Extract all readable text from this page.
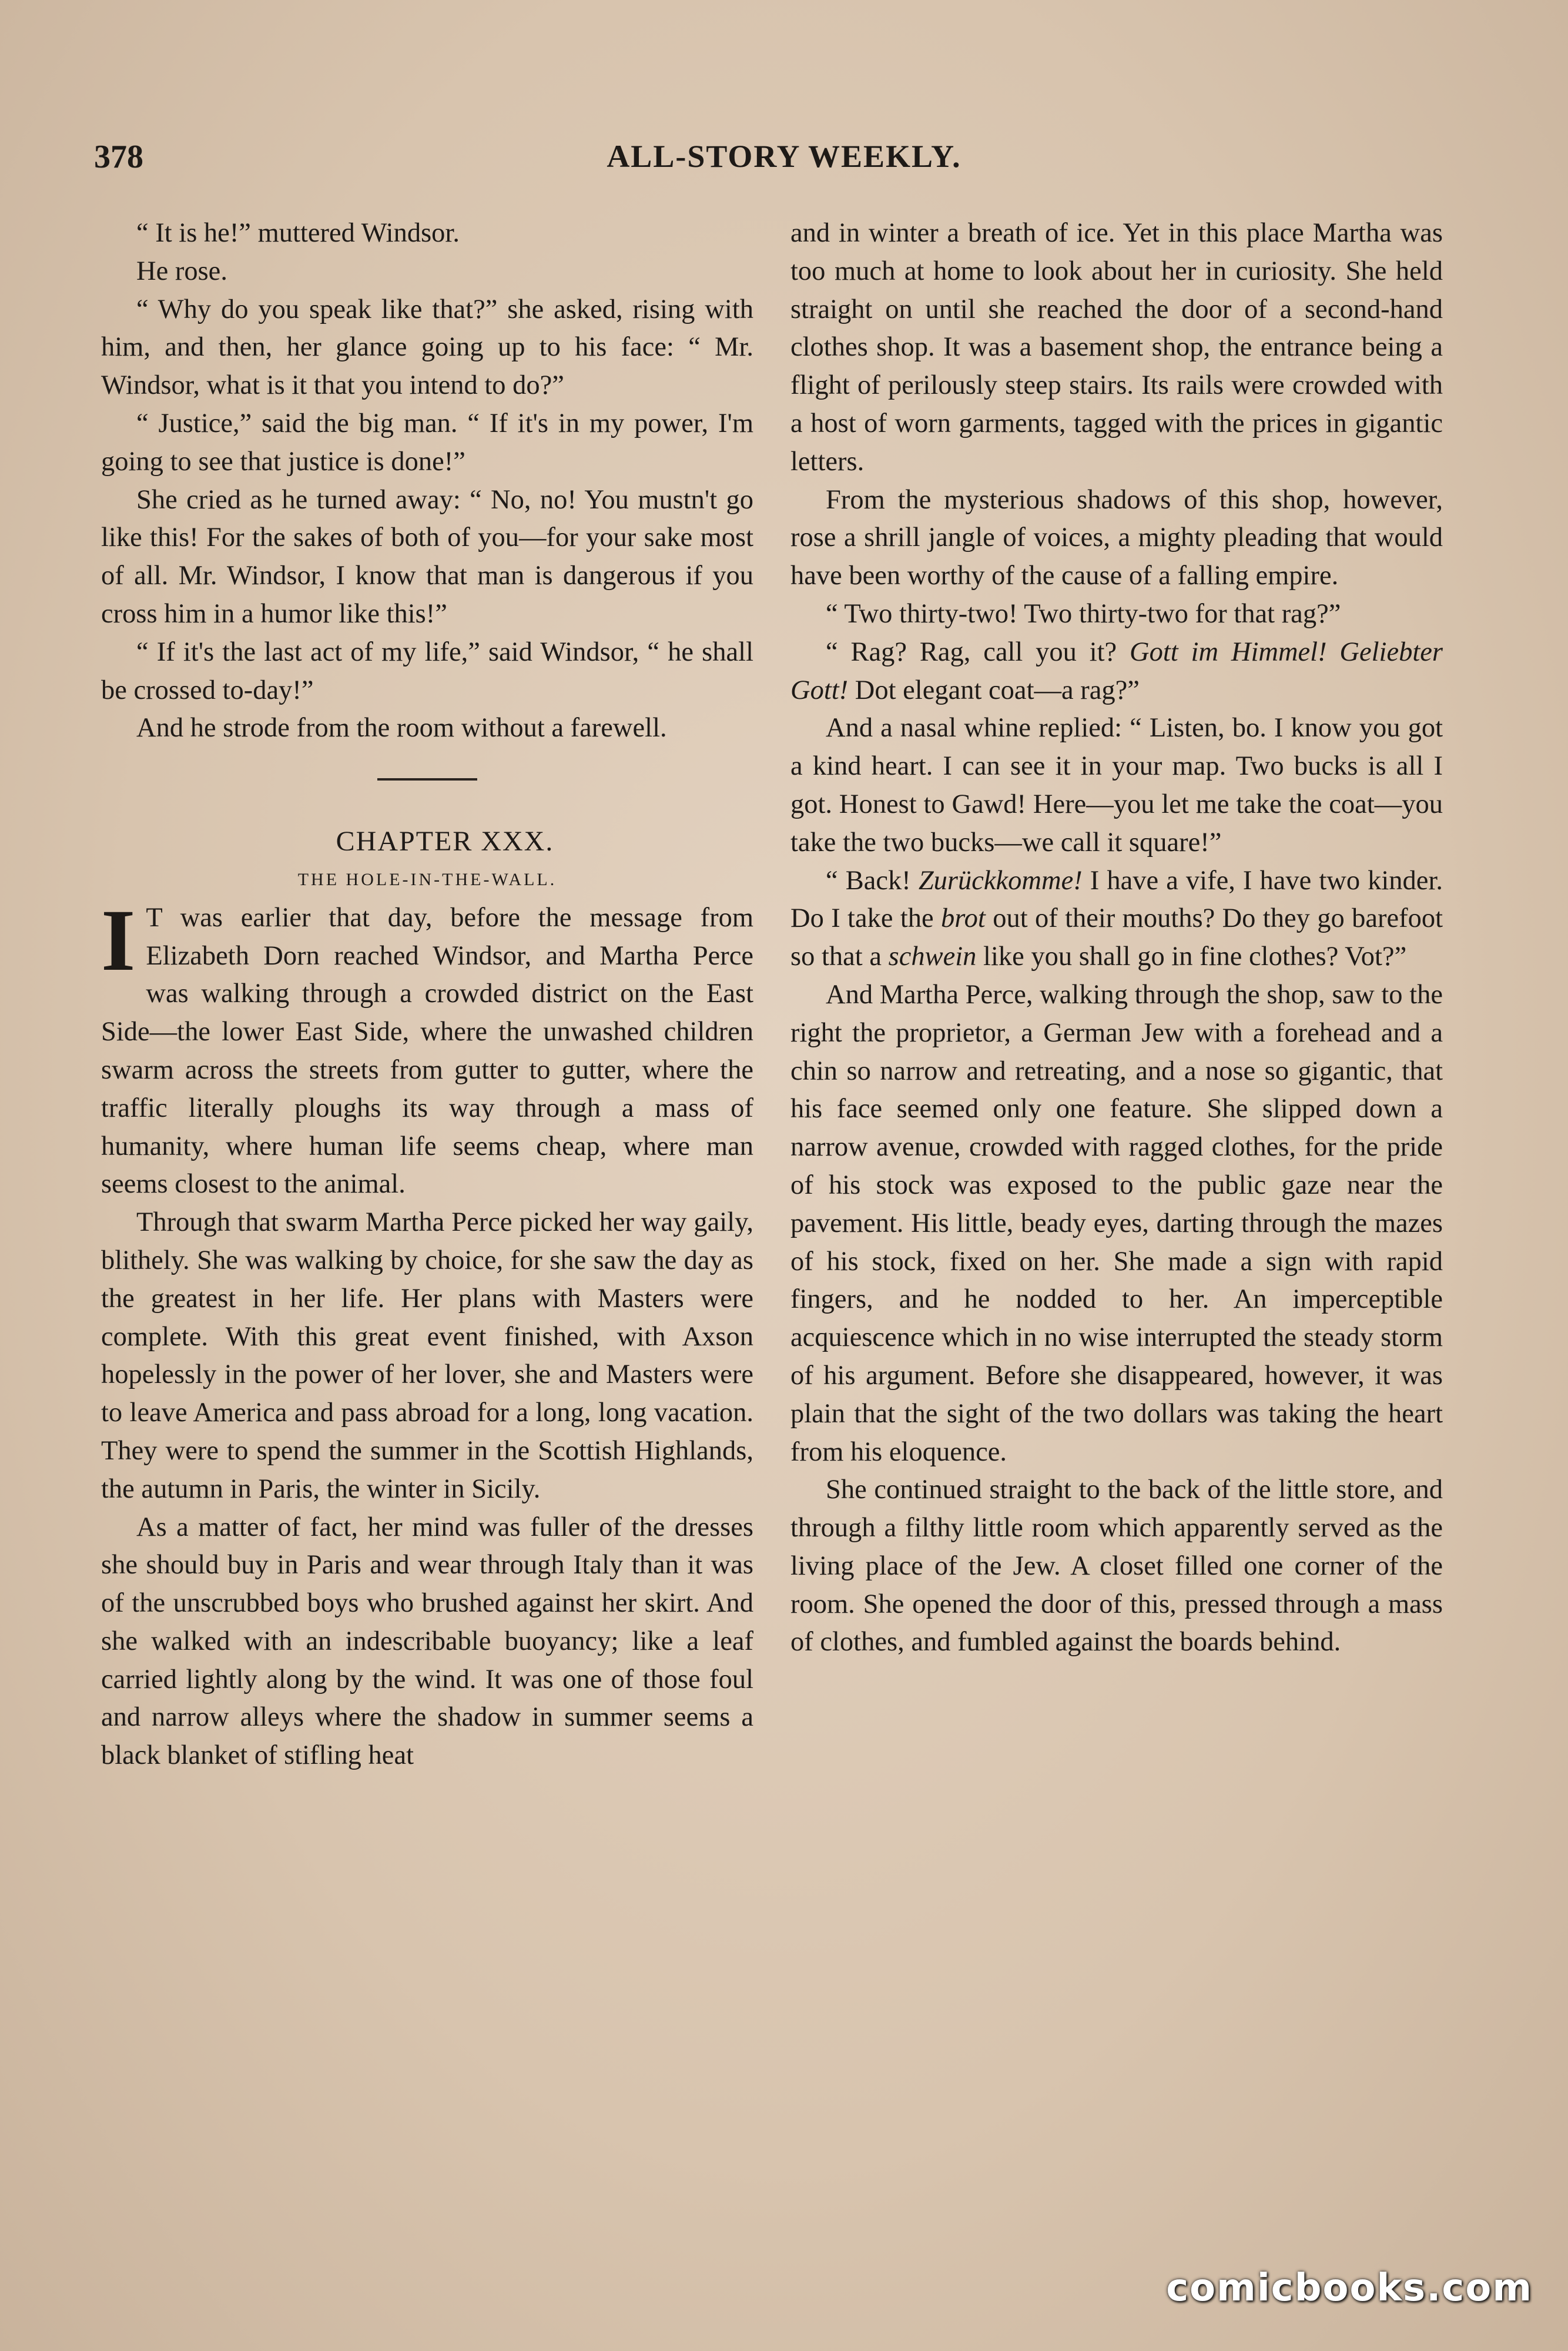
378	ALL-STORY WEEKLY.

“ It is he!” muttered Windsor.

He rose.

“ Why do you speak like that?” she asked, rising with him, and then, her glance going up to his face: “ Mr. Windsor, what is it that you intend to do?”

“ Justice,” said the big man. “ If it's in my power, I'm going to see that justice is done!”

She cried as he turned away: “ No, no! You mustn't go like this! For the sakes of both of you—for your sake most of all. Mr. Windsor, I know that man is dangerous if you cross him in a humor like this!”

“ If it's the last act of my life,” said Windsor, “ he shall be crossed to-day!”

And he strode from the room without a farewell.

CHAPTER XXX.

THE HOLE-IN-THE-WALL.

I T was earlier that day, before the message from Elizabeth Dorn reached Windsor, and Martha Perce was walking through a crowded district on the East Side—the lower East Side, where the unwashed children swarm across the streets from gutter to gutter, where the traffic literally ploughs its way through a mass of humanity, where human life seems cheap, where man seems closest to the animal.

Through that swarm Martha Perce picked her way gaily, blithely. She was walking by choice, for she saw the day as the greatest in her life. Her plans with Masters were complete. With this great event finished, with Axson hopelessly in the power of her lover, she and Masters were to leave America and pass abroad for a long, long vacation. They were to spend the summer in the Scottish Highlands, the autumn in Paris, the winter in Sicily.

As a matter of fact, her mind was fuller of the dresses she should buy in Paris and wear through Italy than it was of the unscrubbed boys who brushed against her skirt. And she walked with an indescribable buoyancy; like a leaf carried lightly along by the wind. It was one of those foul and narrow alleys where the shadow in summer seems a black blanket of stifling heat

and in winter a breath of ice. Yet in this place Martha was too much at home to look about her in curiosity. She held straight on until she reached the door of a second-hand clothes shop. It was a basement shop, the entrance being a flight of perilously steep stairs. Its rails were crowded with a host of worn garments, tagged with the prices in gigantic letters.

From the mysterious shadows of this shop, however, rose a shrill jangle of voices, a mighty pleading that would have been worthy of the cause of a falling empire.

“ Two thirty-two! Two thirty-two for that rag?”

“ Rag? Rag, call you it? Gott im Himmel! Geliebter Gott! Dot elegant coat—a rag?”

And a nasal whine replied: “ Listen, bo. I know you got a kind heart. I can see it in your map. Two bucks is all I got. Honest to Gawd! Here—you let me take the coat—you take the two bucks—we call it square!”

“ Back! Zurückkomme! I have a vife, I have two kinder. Do I take the brot out of their mouths? Do they go barefoot so that a schwein like you shall go in fine clothes? Vot?”

And Martha Perce, walking through the shop, saw to the right the proprietor, a German Jew with a forehead and a chin so narrow and retreating, and a nose so gigantic, that his face seemed only one feature. She slipped down a narrow avenue, crowded with ragged clothes, for the pride of his stock was exposed to the public gaze near the pavement. His little, beady eyes, darting through the mazes of his stock, fixed on her. She made a sign with rapid fingers, and he nodded to her. An imperceptible acquiescence which in no wise interrupted the steady storm of his argument. Before she disappeared, however, it was plain that the sight of the two dollars was taking the heart from his eloquence.

She continued straight to the back of the little store, and through a filthy little room which apparently served as the living place of the Jew. A closet filled one corner of the room. She opened the door of this, pressed through a mass of clothes, and fumbled against the boards behind.

comicbooks.com
